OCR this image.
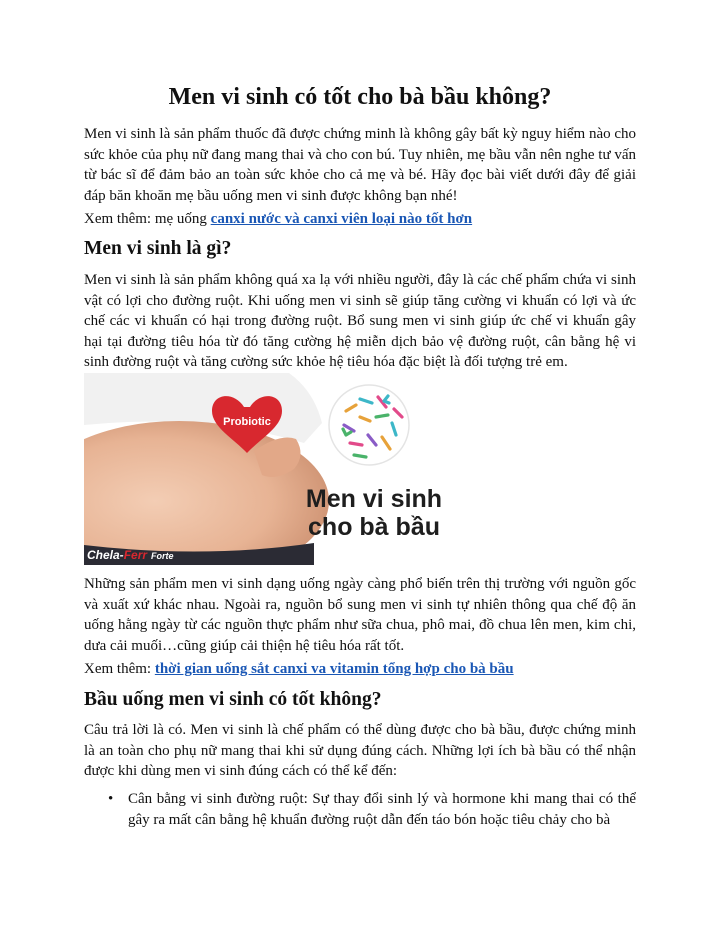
Men vi sinh có tốt cho bà bầu không?

Men vi sinh là sản phẩm thuốc đã được chứng minh là không gây bất kỳ nguy hiểm nào cho sức khỏe của phụ nữ đang mang thai và cho con bú. Tuy nhiên, mẹ bầu vẫn nên nghe tư vấn từ bác sĩ để đảm bảo an toàn sức khỏe cho cả mẹ và bé. Hãy đọc bài viết dưới đây để giải đáp băn khoăn mẹ bầu uống men vi sinh được không bạn nhé!

Xem thêm: mẹ uống canxi nước và canxi viên loại nào tốt hơn

Men vi sinh là gì?

Men vi sinh là sản phẩm không quá xa lạ với nhiều người, đây là các chế phẩm chứa vi sinh vật có lợi cho đường ruột. Khi uống men vi sinh sẽ giúp tăng cường vi khuẩn có lợi và ức chế các vi khuẩn có hại trong đường ruột. Bổ sung men vi sinh giúp ức chế vi khuẩn gây hại tại đường tiêu hóa từ đó tăng cường hệ miễn dịch bảo vệ đường ruột, cân bằng hệ vi sinh đường ruột và tăng cường sức khỏe hệ tiêu hóa đặc biệt là đối tượng trẻ em.

Probiotic
Men vi sinh
cho bà bầu
Chela-Ferr Forte

Những sản phẩm men vi sinh dạng uống ngày càng phổ biến trên thị trường với nguồn gốc và xuất xứ khác nhau. Ngoài ra, nguồn bổ sung men vi sinh tự nhiên thông qua chế độ ăn uống hằng ngày từ các nguồn thực phẩm như sữa chua, phô mai, đồ chua lên men, kim chi, dưa cải muối…cũng giúp cải thiện hệ tiêu hóa rất tốt.

Xem thêm: thời gian uống sắt canxi va vitamin tổng hợp cho bà bầu

Bầu uống men vi sinh có tốt không?

Câu trả lời là có. Men vi sinh là chế phẩm có thể dùng được cho bà bầu, được chứng minh là an toàn cho phụ nữ mang thai khi sử dụng đúng cách. Những lợi ích bà bầu có thể nhận được khi dùng men vi sinh đúng cách có thể kể đến:

• Cân bằng vi sinh đường ruột: Sự thay đổi sinh lý và hormone khi mang thai có thể gây ra mất cân bằng hệ khuẩn đường ruột dẫn đến táo bón hoặc tiêu chảy cho bà
